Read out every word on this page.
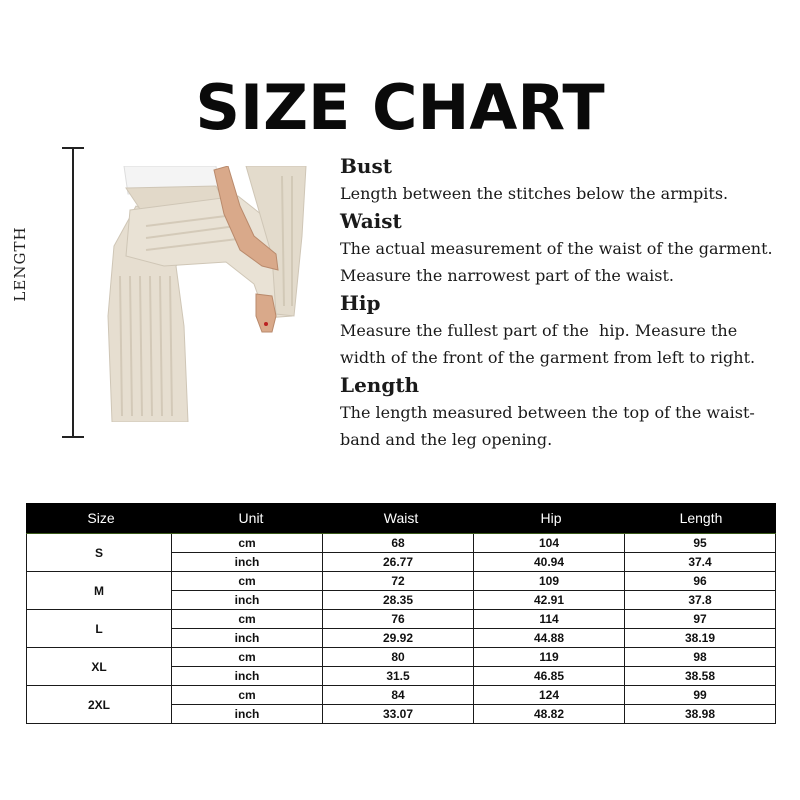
SIZE CHART
LENGTH
Bust
Length between the stitches below the armpits.
Waist
The actual measurement of the waist of the garment.
Measure the narrowest part of the waist.
Hip
Measure the fullest part of the  hip. Measure the
width of the front of the garment from left to right.
Length
The length measured between the top of the waist-
band and the leg opening.
Size	Unit	Waist	Hip	Length
S
cm	68	104	95
inch	26.77	40.94	37.4
M
cm	72	109	96
inch	28.35	42.91	37.8
L
cm	76	114	97
inch	29.92	44.88	38.19
XL
cm	80	119	98
inch	31.5	46.85	38.58
2XL
cm	84	124	99
inch	33.07	48.82	38.98
